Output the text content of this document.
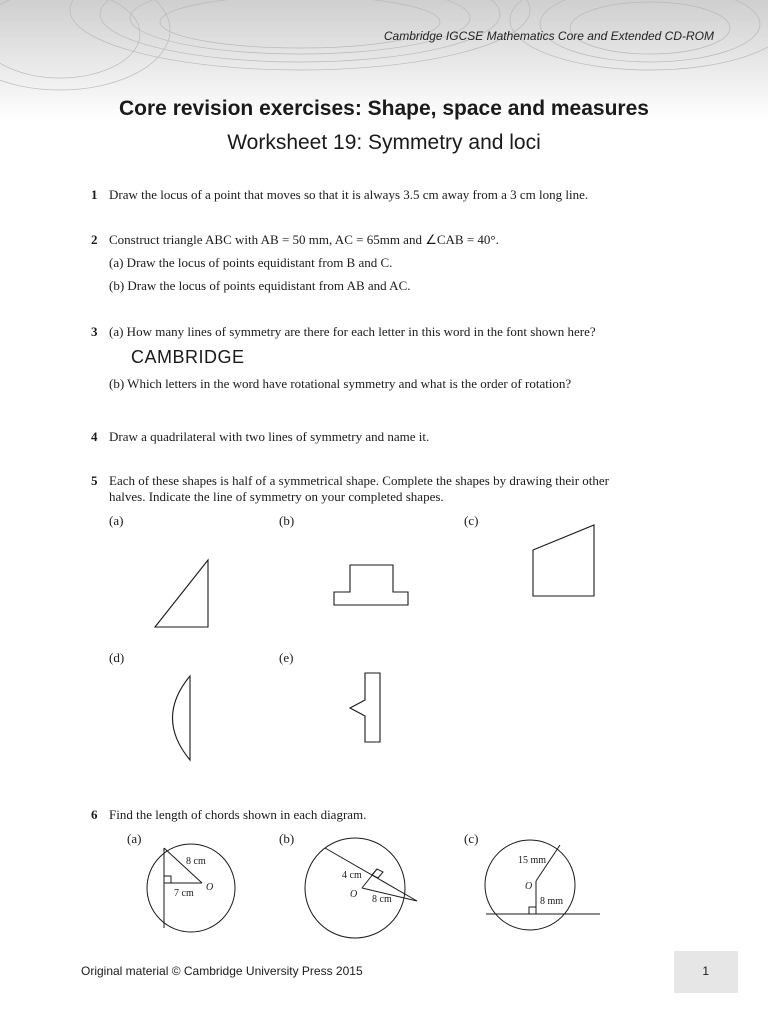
Cambridge IGCSE Mathematics Core and Extended CD-ROM
Core revision exercises: Shape, space and measures
Worksheet 19: Symmetry and loci
1 Draw the locus of a point that moves so that it is always 3.5 cm away from a 3 cm long line.
2 Construct triangle ABC with AB = 50 mm, AC = 65mm and ∠CAB = 40°.
(a) Draw the locus of points equidistant from B and C.
(b) Draw the locus of points equidistant from AB and AC.
3 (a) How many lines of symmetry are there for each letter in this word in the font shown here?
CAMBRIDGE
(b) Which letters in the word have rotational symmetry and what is the order of rotation?
4 Draw a quadrilateral with two lines of symmetry and name it.
5 Each of these shapes is half of a symmetrical shape. Complete the shapes by drawing their other
halves. Indicate the line of symmetry on your completed shapes.
(a)	(b)	(c)
(d)	(e)
6 Find the length of chords shown in each diagram.
(a)	(b)	(c)
8 cm
7 cm
O
4 cm
O 8 cm
15 mm
O
8 mm
Original material © Cambridge University Press 2015	1
